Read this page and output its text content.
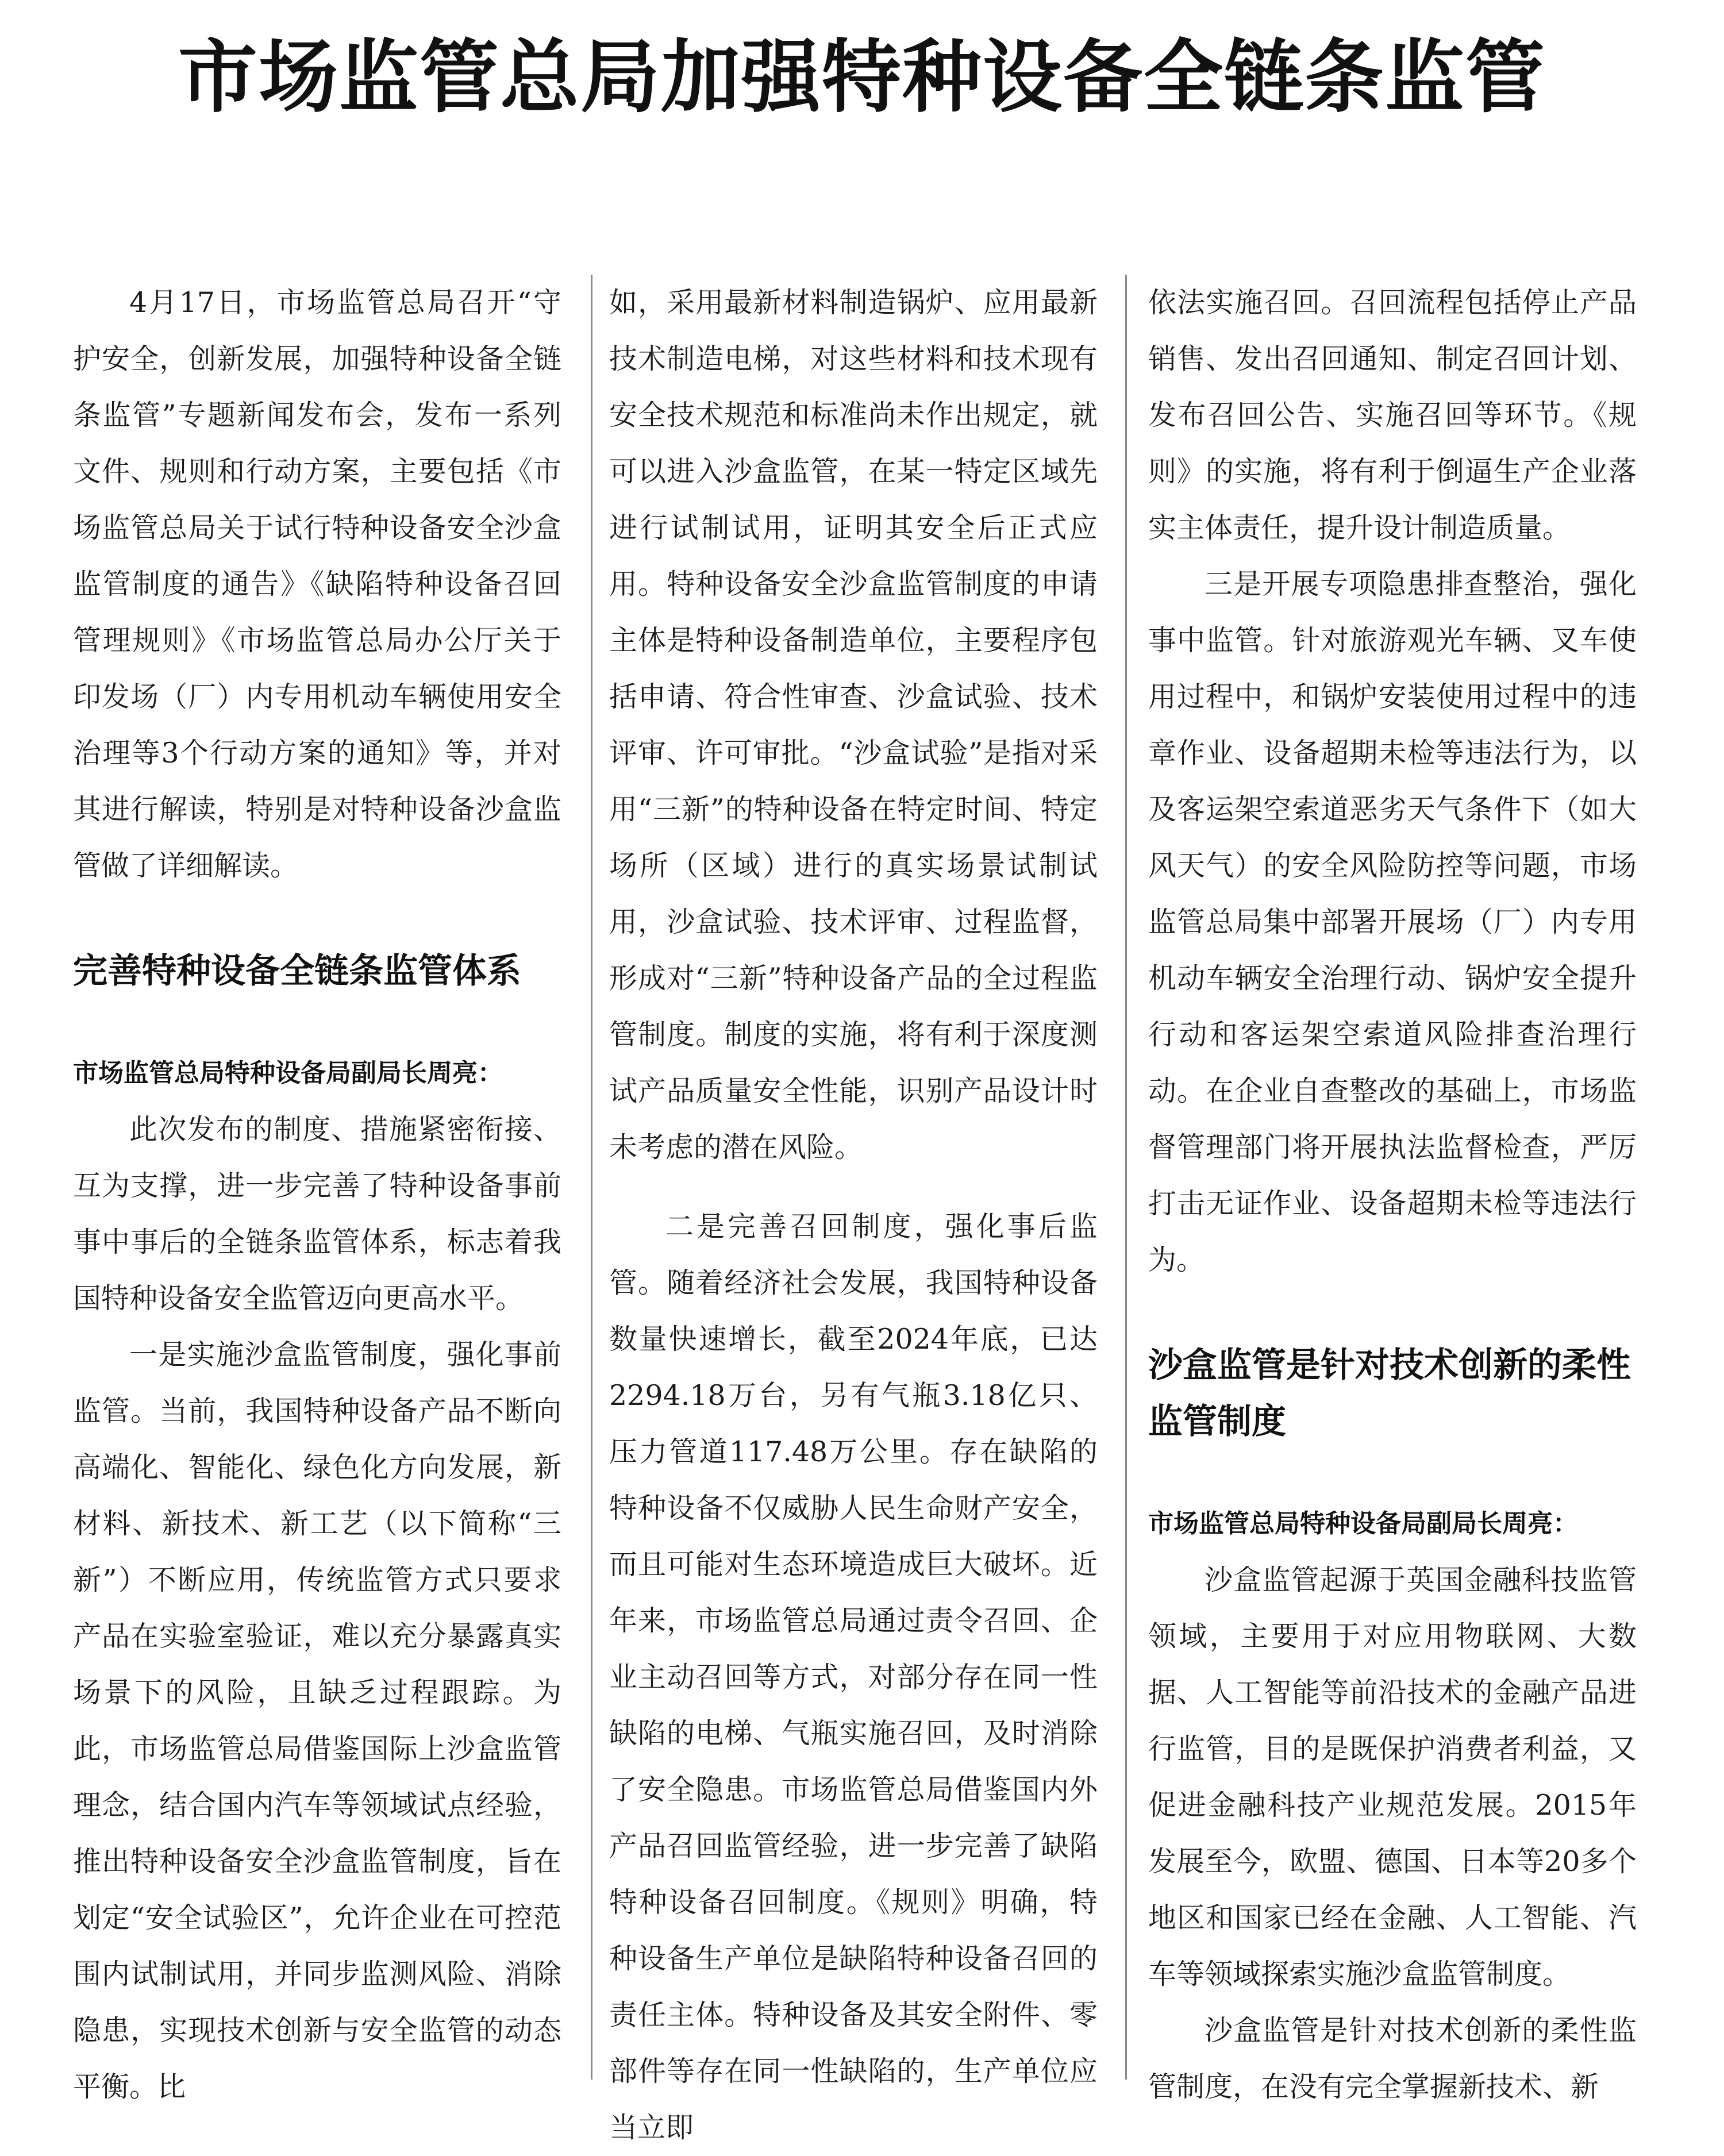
市场监管总局加强特种设备全链条监管

4月17日，市场监管总局召开“守护安全，创新发展，加强特种设备全链条监管”专题新闻发布会，发布一系列文件、规则和行动方案，主要包括《市场监管总局关于试行特种设备安全沙盒监管制度的通告》《缺陷特种设备召回管理规则》《市场监管总局办公厅关于印发场（厂）内专用机动车辆使用安全治理等3个行动方案的通知》等，并对其进行解读，特别是对特种设备沙盒监管做了详细解读。

完善特种设备全链条监管体系

市场监管总局特种设备局副局长周亮：

此次发布的制度、措施紧密衔接、互为支撑，进一步完善了特种设备事前事中事后的全链条监管体系，标志着我国特种设备安全监管迈向更高水平。

一是实施沙盒监管制度，强化事前监管。当前，我国特种设备产品不断向高端化、智能化、绿色化方向发展，新材料、新技术、新工艺（以下简称“三新”）不断应用，传统监管方式只要求产品在实验室验证，难以充分暴露真实场景下的风险，且缺乏过程跟踪。为此，市场监管总局借鉴国际上沙盒监管理念，结合国内汽车等领域试点经验，推出特种设备安全沙盒监管制度，旨在划定“安全试验区”，允许企业在可控范围内试制试用，并同步监测风险、消除隐患，实现技术创新与安全监管的动态平衡。比

如，采用最新材料制造锅炉、应用最新技术制造电梯，对这些材料和技术现有安全技术规范和标准尚未作出规定，就可以进入沙盒监管，在某一特定区域先进行试制试用，证明其安全后正式应用。特种设备安全沙盒监管制度的申请主体是特种设备制造单位，主要程序包括申请、符合性审查、沙盒试验、技术评审、许可审批。“沙盒试验”是指对采用“三新”的特种设备在特定时间、特定场所（区域）进行的真实场景试制试用，沙盒试验、技术评审、过程监督，形成对“三新”特种设备产品的全过程监管制度。制度的实施，将有利于深度测试产品质量安全性能，识别产品设计时未考虑的潜在风险。

二是完善召回制度，强化事后监管。随着经济社会发展，我国特种设备数量快速增长，截至2024年底，已达2294.18万台，另有气瓶3.18亿只、压力管道117.48万公里。存在缺陷的特种设备不仅威胁人民生命财产安全，而且可能对生态环境造成巨大破坏。近年来，市场监管总局通过责令召回、企业主动召回等方式，对部分存在同一性缺陷的电梯、气瓶实施召回，及时消除了安全隐患。市场监管总局借鉴国内外产品召回监管经验，进一步完善了缺陷特种设备召回制度。《规则》明确，特种设备生产单位是缺陷特种设备召回的责任主体。特种设备及其安全附件、零部件等存在同一性缺陷的，生产单位应当立即

依法实施召回。召回流程包括停止产品销售、发出召回通知、制定召回计划、发布召回公告、实施召回等环节。《规则》的实施，将有利于倒逼生产企业落实主体责任，提升设计制造质量。

三是开展专项隐患排查整治，强化事中监管。针对旅游观光车辆、叉车使用过程中，和锅炉安装使用过程中的违章作业、设备超期未检等违法行为，以及客运架空索道恶劣天气条件下（如大风天气）的安全风险防控等问题，市场监管总局集中部署开展场（厂）内专用机动车辆安全治理行动、锅炉安全提升行动和客运架空索道风险排查治理行动。在企业自查整改的基础上，市场监督管理部门将开展执法监督检查，严厉打击无证作业、设备超期未检等违法行为。

沙盒监管是针对技术创新的柔性监管制度

市场监管总局特种设备局副局长周亮：

沙盒监管起源于英国金融科技监管领域，主要用于对应用物联网、大数据、人工智能等前沿技术的金融产品进行监管，目的是既保护消费者利益，又促进金融科技产业规范发展。2015年发展至今，欧盟、德国、日本等20多个地区和国家已经在金融、人工智能、汽车等领域探索实施沙盒监管制度。

沙盒监管是针对技术创新的柔性监管制度，在没有完全掌握新技术、新
